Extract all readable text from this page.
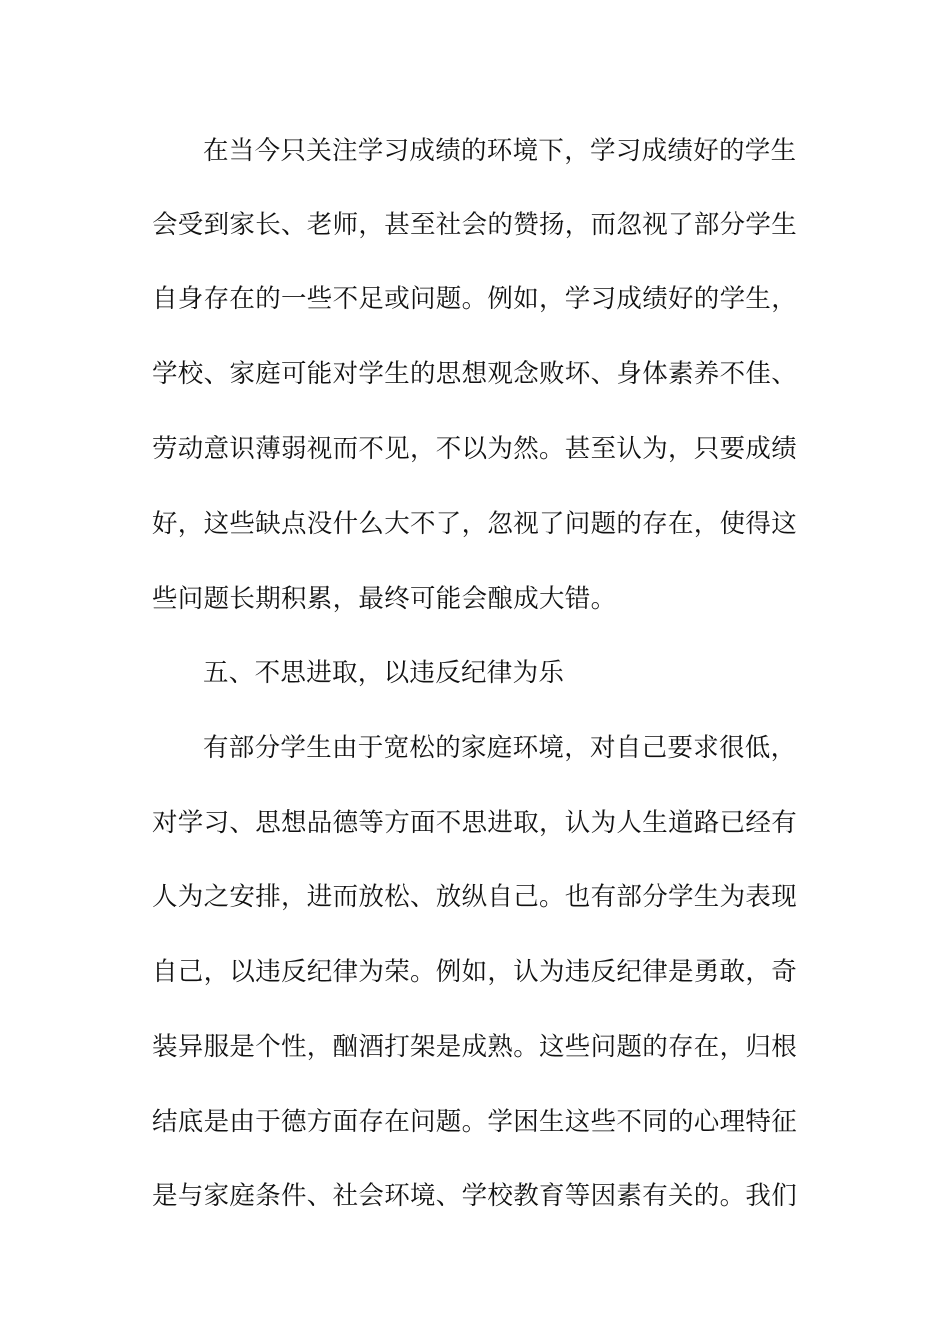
在当今只关注学习成绩的环境下，学习成绩好的学生
会受到家长、老师，甚至社会的赞扬，而忽视了部分学生
自身存在的一些不足或问题。例如，学习成绩好的学生，
学校、家庭可能对学生的思想观念败坏、身体素养不佳、
劳动意识薄弱视而不见，不以为然。甚至认为，只要成绩
好，这些缺点没什么大不了，忽视了问题的存在，使得这
些问题长期积累，最终可能会酿成大错。
五、不思进取，以违反纪律为乐
有部分学生由于宽松的家庭环境，对自己要求很低，
对学习、思想品德等方面不思进取，认为人生道路已经有
人为之安排，进而放松、放纵自己。也有部分学生为表现
自己，以违反纪律为荣。例如，认为违反纪律是勇敢，奇
装异服是个性，酗酒打架是成熟。这些问题的存在，归根
结底是由于德方面存在问题。学困生这些不同的心理特征
是与家庭条件、社会环境、学校教育等因素有关的。我们
